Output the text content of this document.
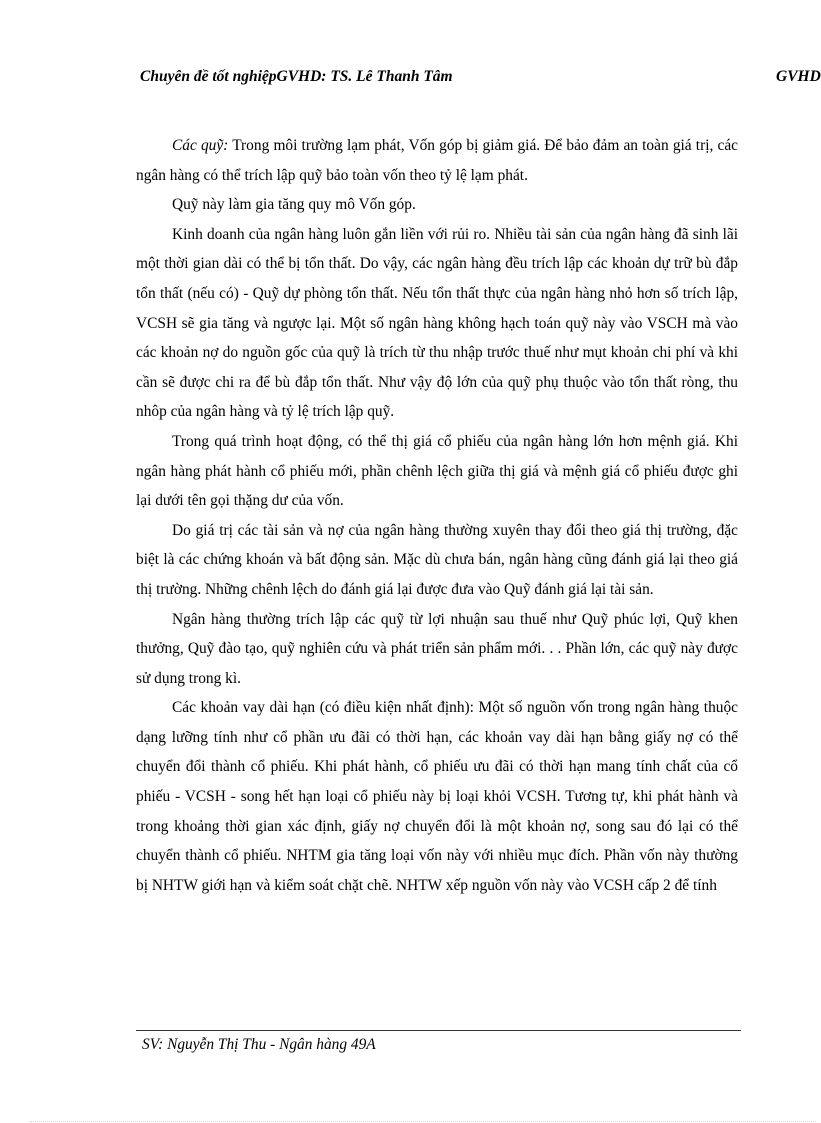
Chuyên đề tốt nghiệpGVHD: TS. Lê Thanh Tâm	GVHD

Các quỹ: Trong môi trường lạm phát, Vốn góp bị giảm giá. Để bảo đảm an toàn giá trị, các ngân hàng có thể trích lập quỹ bảo toàn vốn theo tỷ lệ lạm phát.

Quỹ này làm gia tăng quy mô Vốn góp.

Kinh doanh của ngân hàng luôn gắn liền với rủi ro. Nhiều tài sản của ngân hàng đã sinh lãi một thời gian dài có thể bị tổn thất. Do vậy, các ngân hàng đều trích lập các khoản dự trữ bù đắp tổn thất (nếu có) - Quỹ dự phòng tổn thất. Nếu tổn thất thực của ngân hàng nhỏ hơn số trích lập, VCSH sẽ gia tăng và ngược lại. Một số ngân hàng không hạch toán quỹ này vào VSCH mà vào các khoản nợ do nguồn gốc của quỹ là trích từ thu nhập trước thuế như mụt khoản chi phí và khi cần sẽ được chi ra để bù đắp tổn thất. Như vậy độ lớn của quỹ phụ thuộc vào tổn thất ròng, thu nhôp của ngân hàng và tỷ lệ trích lập quỹ.

Trong quá trình hoạt động, có thể thị giá cổ phiếu của ngân hàng lớn hơn mệnh giá. Khi ngân hàng phát hành cổ phiếu mới, phần chênh lệch giữa thị giá và mệnh giá cổ phiếu được ghi lại dưới tên gọi thặng dư của vốn.

Do giá trị các tài sản và nợ của ngân hàng thường xuyên thay đổi theo giá thị trường, đặc biệt là các chứng khoán và bất động sản. Mặc dù chưa bán, ngân hàng cũng đánh giá lại theo giá thị trường. Những chênh lệch do đánh giá lại được đưa vào Quỹ đánh giá lại tài sản.

Ngân hàng thường trích lập các quỹ từ lợi nhuận sau thuế như Quỹ phúc lợi, Quỹ khen thưởng, Quỹ đào tạo, quỹ nghiên cứu và phát triển sản phẩm mới. . . Phần lớn, các quỹ này được sử dụng trong kì.

Các khoản vay dài hạn (có điều kiện nhất định): Một số nguồn vốn trong ngân hàng thuộc dạng lưỡng tính như cổ phần ưu đãi có thời hạn, các khoản vay dài hạn bằng giấy nợ có thể chuyển đổi thành cổ phiếu. Khi phát hành, cổ phiếu ưu đãi có thời hạn mang tính chất của cổ phiếu - VCSH - song hết hạn loại cổ phiếu này bị loại khỏi VCSH. Tương tự, khi phát hành và trong khoảng thời gian xác định, giấy nợ chuyển đổi là một khoản nợ, song sau đó lại có thể chuyển thành cổ phiếu. NHTM gia tăng loại vốn này với nhiều mục đích. Phần vốn này thường bị NHTW giới hạn và kiểm soát chặt chẽ. NHTW xếp nguồn vốn này vào VCSH cấp 2 để tính

SV: Nguyễn Thị Thu - Ngân hàng 49A
